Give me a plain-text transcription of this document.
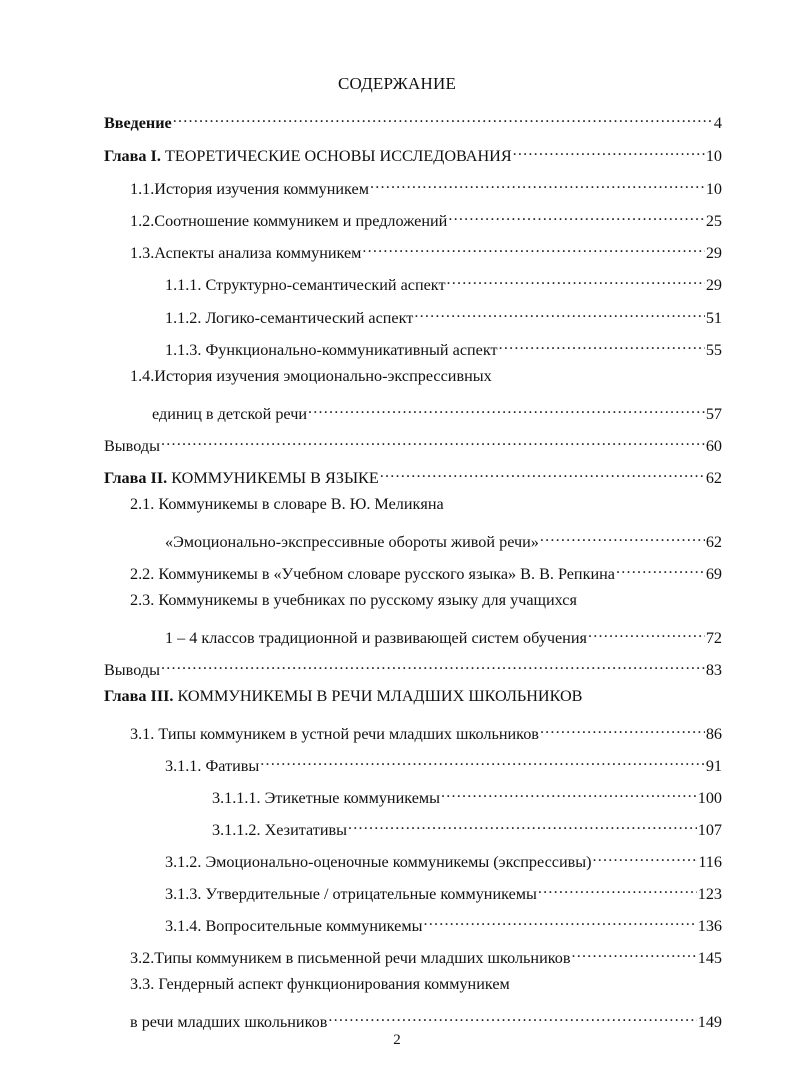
СОДЕРЖАНИЕ
Введение .....	4
Глава I. ТЕОРЕТИЧЕСКИЕ ОСНОВЫ ИССЛЕДОВАНИЯ .....	10
1.1.История изучения коммуникем .....	10
1.2.Соотношение коммуникем и предложений .....	25
1.3.Аспекты анализа коммуникем .....	29
1.1.1. Структурно-семантический аспект .....	29
1.1.2. Логико-семантический аспект .....	51
1.1.3. Функционально-коммуникативный аспект .....	55
1.4.История изучения эмоционально-экспрессивных
единиц в детской речи .....	57
Выводы .....	60
Глава II. КОММУНИКЕМЫ В ЯЗЫКЕ .....	62
2.1. Коммуникемы в словаре В. Ю. Меликяна
«Эмоционально-экспрессивные обороты живой речи» .....	62
2.2. Коммуникемы в «Учебном словаре русского языка» В. В. Репкина .....	69
2.3. Коммуникемы в учебниках по русскому языку для учащихся
1 – 4 классов традиционной и развивающей систем обучения .....	72
Выводы .....	83
Глава III. КОММУНИКЕМЫ В РЕЧИ МЛАДШИХ ШКОЛЬНИКОВ
3.1. Типы коммуникем в устной речи младших школьников .....	86
3.1.1. Фативы .....	91
3.1.1.1. Этикетные коммуникемы .....	100
3.1.1.2. Хезитативы .....	107
3.1.2. Эмоционально-оценочные коммуникемы (экспрессивы) .....	116
3.1.3. Утвердительные / отрицательные коммуникемы .....	123
3.1.4. Вопросительные коммуникемы .....	136
3.2.Типы коммуникем в письменной речи младших школьников .....	145
3.3. Гендерный аспект функционирования коммуникем
в речи младших школьников .....	149
2
